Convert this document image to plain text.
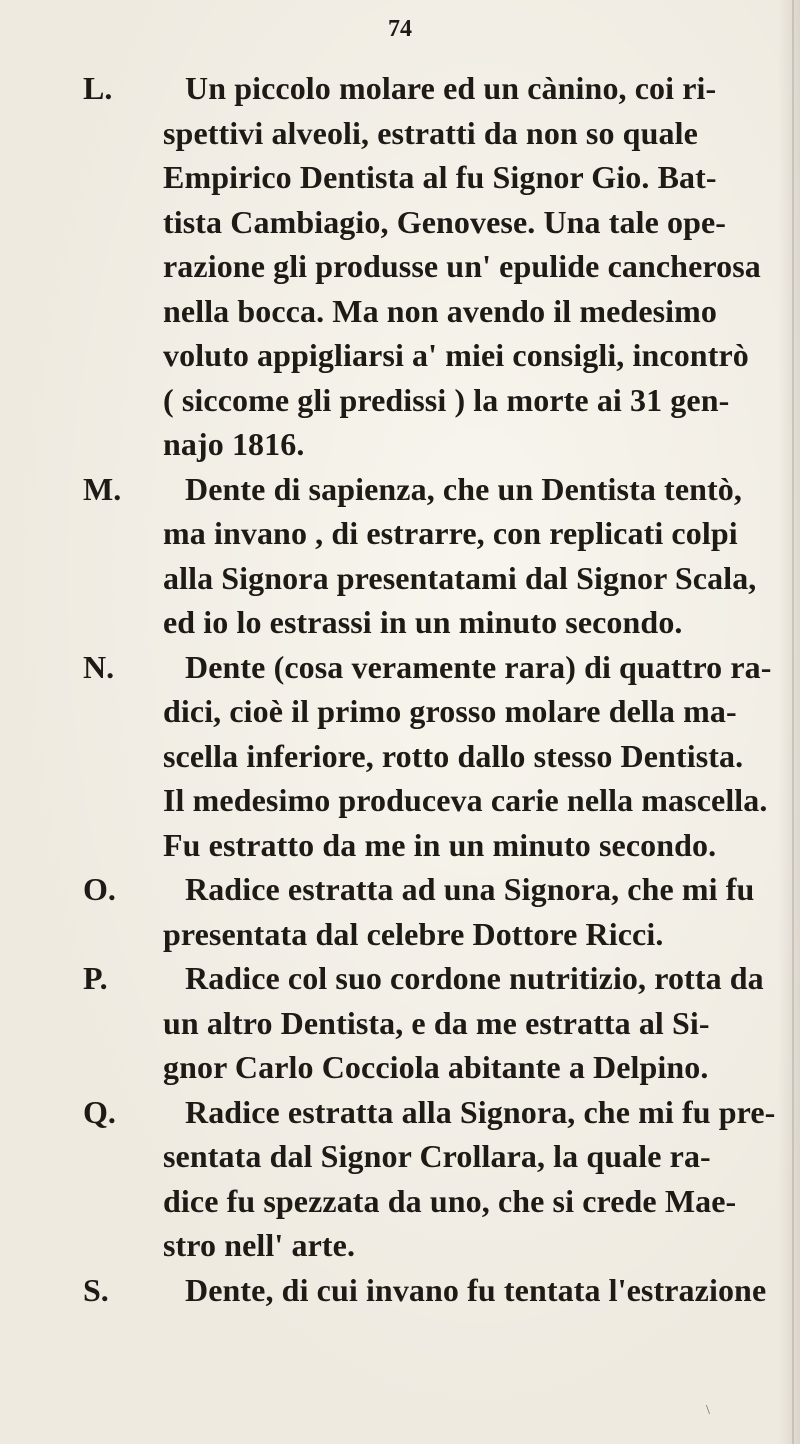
74
L.	Un piccolo molare ed un cànino, coi ri-
spettivi alveoli, estratti da non so quale
Empirico Dentista al fu Signor Gio. Bat-
tista Cambiagio, Genovese. Una tale ope-
razione gli produsse un' epulide cancherosa
nella bocca. Ma non avendo il medesimo
voluto appigliarsi a' miei consigli, incontrò
( siccome gli predissi ) la morte ai 31 gen-
najo 1816.
M.	Dente di sapienza, che un Dentista tentò,
ma invano , di estrarre, con replicati colpi
alla Signora presentatami dal Signor Scala,
ed io lo estrassi in un minuto secondo.
N.	Dente (cosa veramente rara) di quattro ra-
dici, cioè il primo grosso molare della ma-
scella inferiore, rotto dallo stesso Dentista.
Il medesimo produceva carie nella mascella.
Fu estratto da me in un minuto secondo.
O.	Radice estratta ad una Signora, che mi fu
presentata dal celebre Dottore Ricci.
P.	Radice col suo cordone nutritizio, rotta da
un altro Dentista, e da me estratta al Si-
gnor Carlo Cocciola abitante a Delpino.
Q.	Radice estratta alla Signora, che mi fu pre-
sentata dal Signor Crollara, la quale ra-
dice fu spezzata da uno, che si crede Mae-
stro nell' arte.
S.	Dente, di cui invano fu tentata l'estrazione
\
